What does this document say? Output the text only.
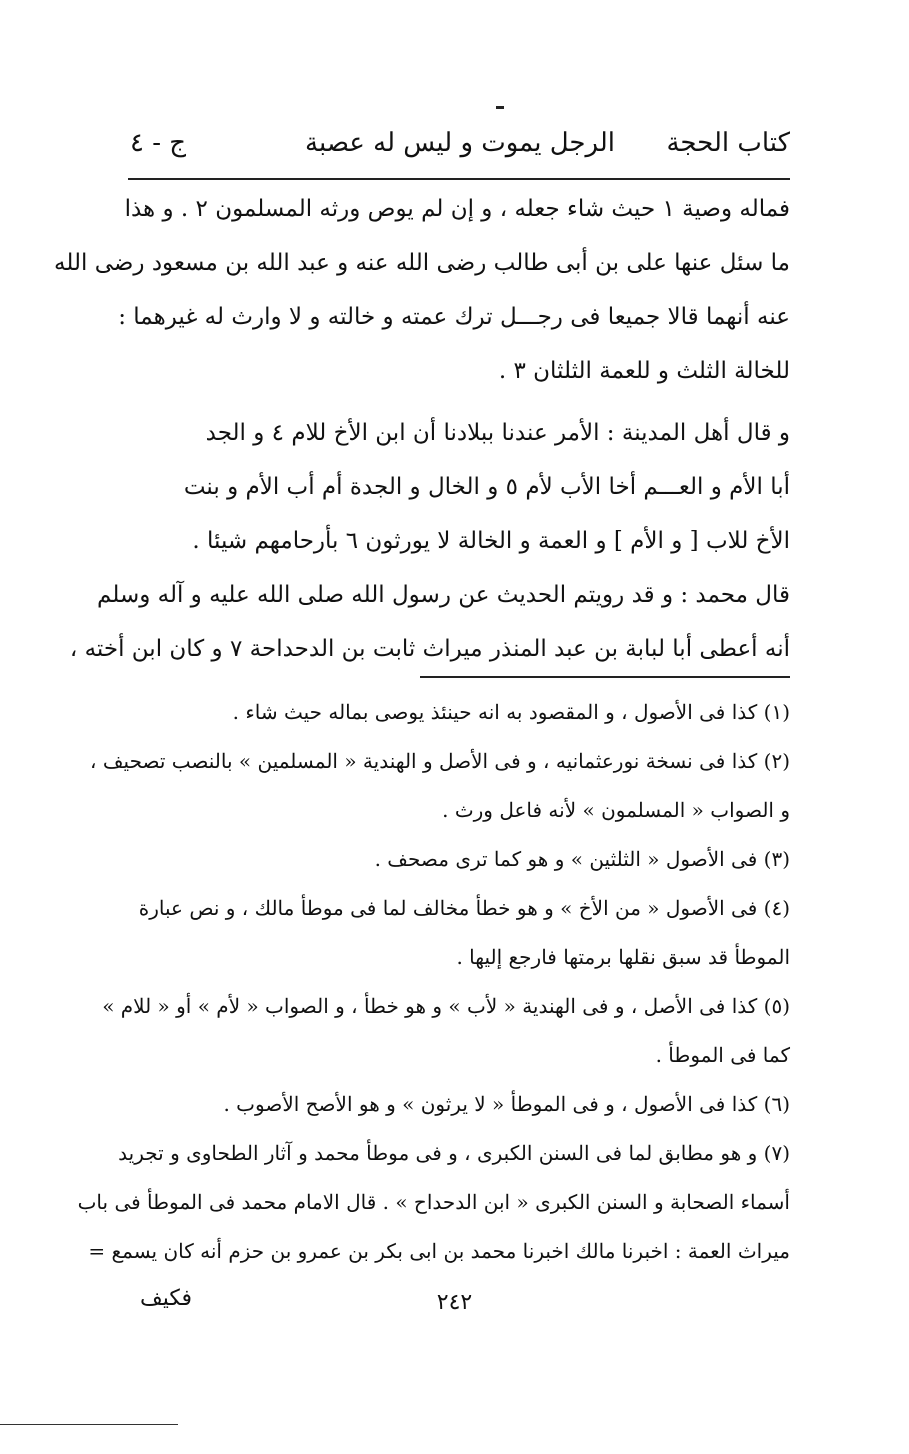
كتاب الحجة
الرجل يموت و ليس له عصبة
ج - ٤
فماله وصية ١ حيث شاء جعله ، و إن لم يوص ورثه المسلمون ٢ . و هذا
ما سئل عنها على بن أبى طالب رضى الله عنه و عبد الله بن مسعود رضى الله
عنه أنهما قالا جميعا فى رجـــل ترك عمته و خالته و لا وارث له غيرهما :
للخالة الثلث و للعمة الثلثان ٣ .
و قال أهل المدينة : الأمر عندنا ببلادنا أن ابن الأخ للام ٤ و الجد
أبا الأم و العـــم أخا الأب لأم ٥ و الخال و الجدة أم أب الأم و بنت
الأخ للاب [ و الأم ] و العمة و الخالة لا يورثون ٦ بأرحامهم شيئا .
قال محمد : و قد رويتم الحديث عن رسول الله صلى الله عليه و آله وسلم
أنه أعطى أبا لبابة بن عبد المنذر ميراث ثابت بن الدحداحة ٧ و كان ابن أخته ،
(١) كذا فى الأصول ، و المقصود به انه حينئذ يوصى بماله حيث شاء .
(٢) كذا فى نسخة نورعثمانيه ، و فى الأصل و الهندية « المسلمين » بالنصب تصحيف ،
و الصواب « المسلمون » لأنه فاعل ورث .
(٣) فى الأصول « الثلثين » و هو كما ترى مصحف .
(٤) فى الأصول « من الأخ » و هو خطأ مخالف لما فى موطأ مالك ، و نص عبارة
الموطأ قد سبق نقلها برمتها فارجع إليها .
(٥) كذا فى الأصل ، و فى الهندية « لأب » و هو خطأ ، و الصواب « لأم » أو « للام »
كما فى الموطأ .
(٦) كذا فى الأصول ، و فى الموطأ « لا يرثون » و هو الأصح الأصوب .
(٧) و هو مطابق لما فى السنن الكبرى ، و فى موطأ محمد و آثار الطحاوى و تجريد
أسماء الصحابة و السنن الكبرى « ابن الدحداح » . قال الامام محمد فى الموطأ فى باب
ميراث العمة : اخبرنا مالك اخبرنا محمد بن ابى بكر بن عمرو بن حزم أنه كان يسمع =
فكيف	٢٤٢
